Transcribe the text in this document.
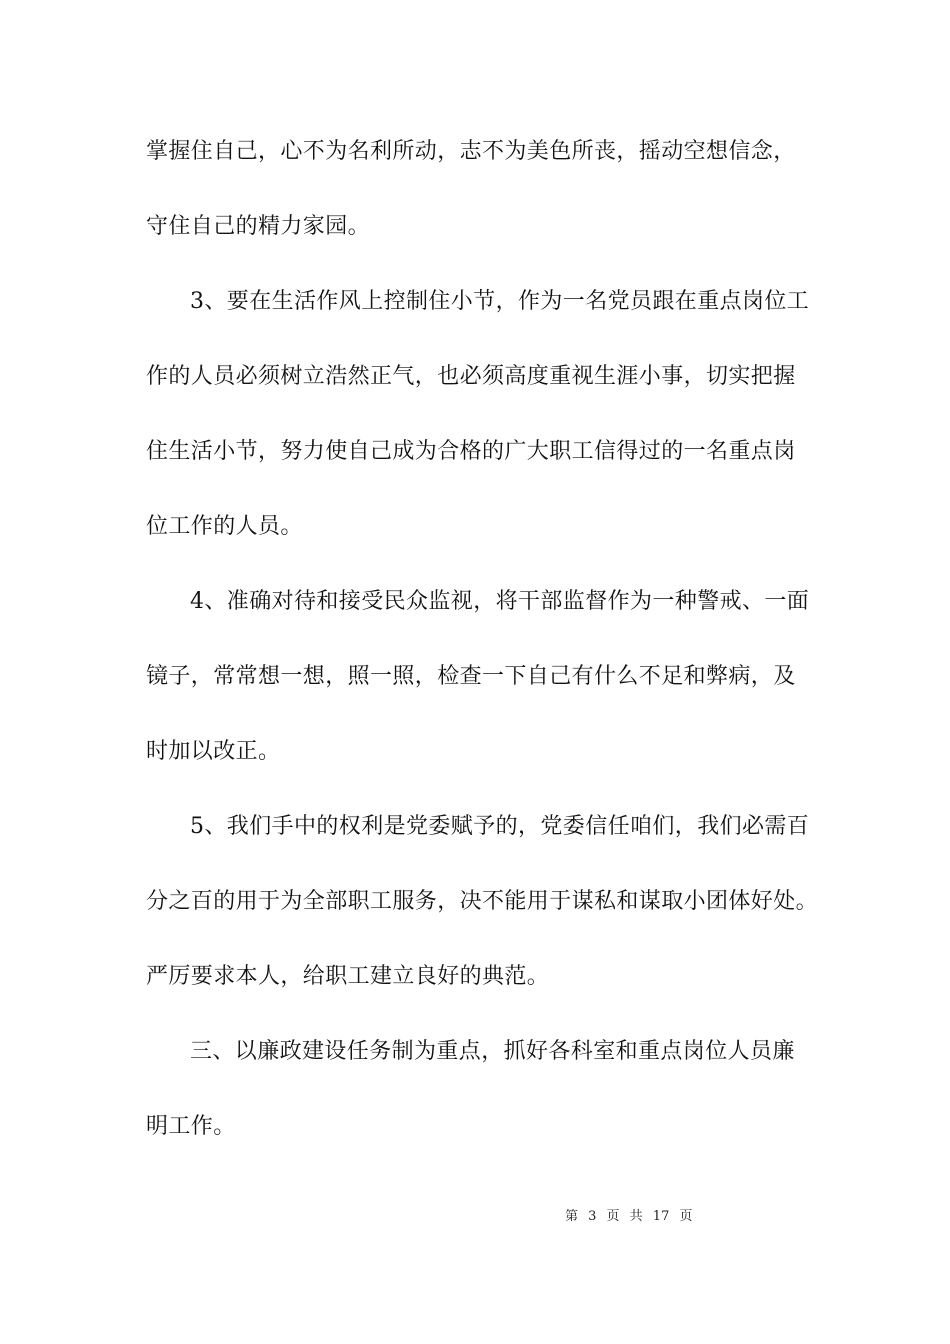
掌握住自己，心不为名利所动，志不为美色所丧，摇动空想信念，
守住自己的精力家园。
3、要在生活作风上控制住小节，作为一名党员跟在重点岗位工
作的人员必须树立浩然正气，也必须高度重视生涯小事，切实把握
住生活小节，努力使自己成为合格的广大职工信得过的一名重点岗
位工作的人员。
4、准确对待和接受民众监视，将干部监督作为一种警戒、一面
镜子，常常想一想，照一照，检查一下自己有什么不足和弊病，及
时加以改正。
5、我们手中的权利是党委赋予的，党委信任咱们，我们必需百
分之百的用于为全部职工服务，决不能用于谋私和谋取小团体好处。
严厉要求本人，给职工建立良好的典范。
三、以廉政建设任务制为重点，抓好各科室和重点岗位人员廉
明工作。
第 3 页 共 17 页
